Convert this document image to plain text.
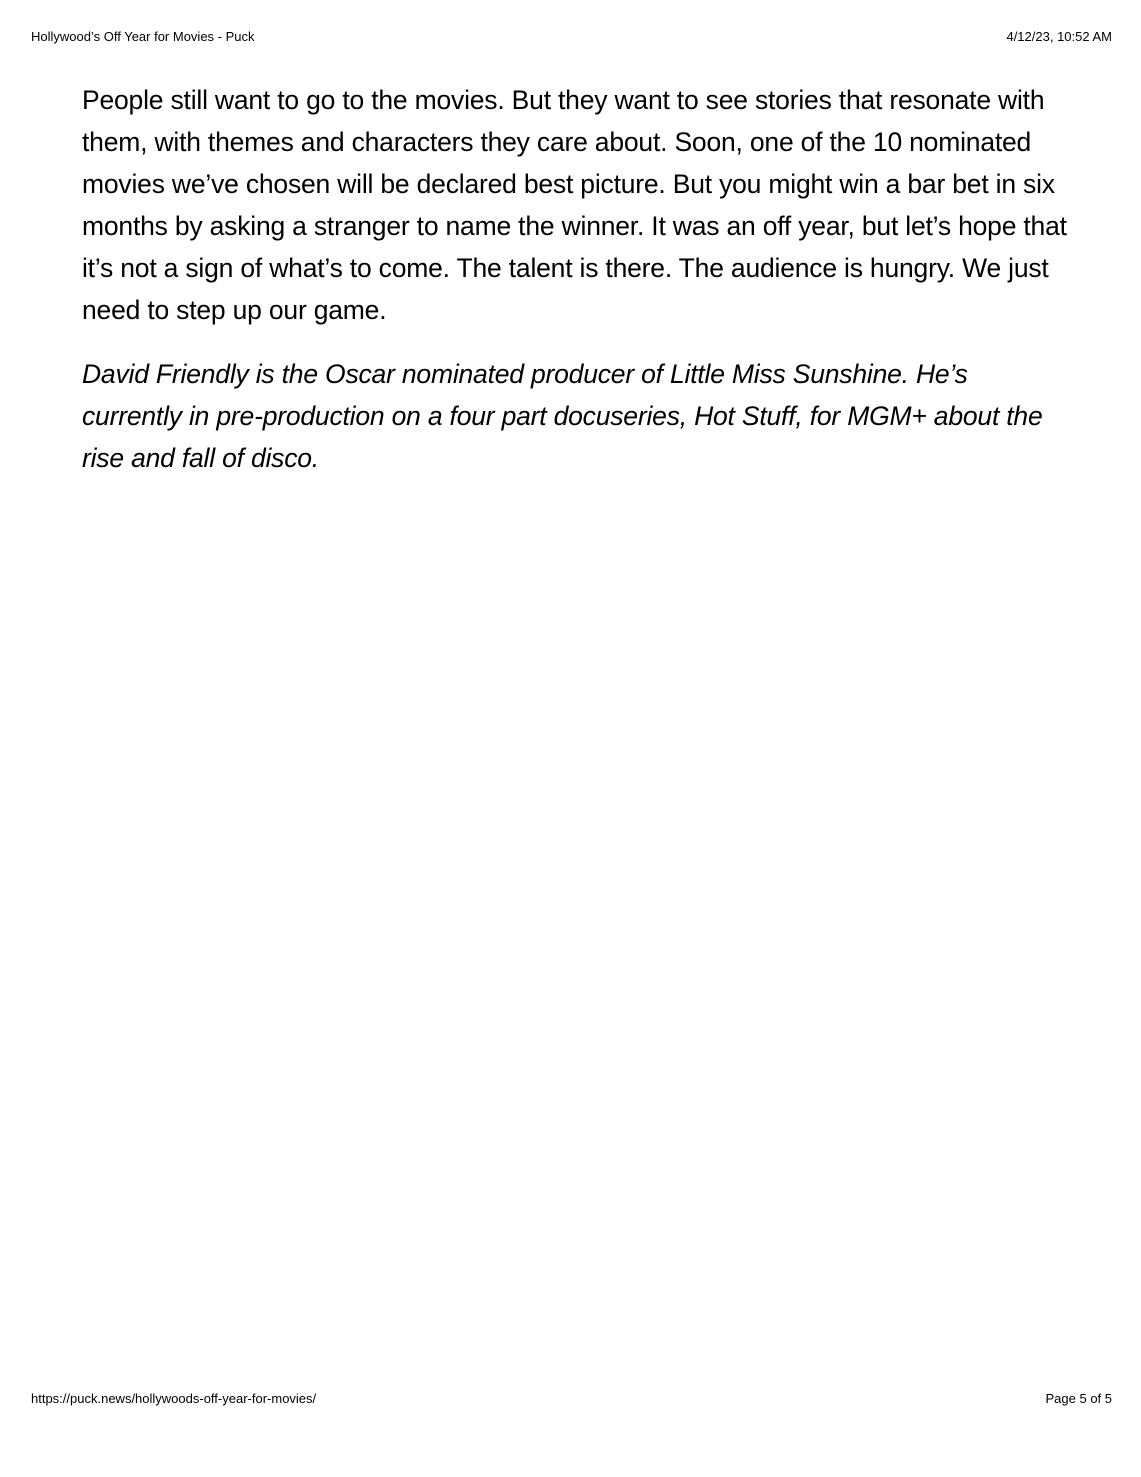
Hollywood’s Off Year for Movies - Puck	4/12/23, 10:52 AM

People still want to go to the movies. But they want to see stories that resonate with them, with themes and characters they care about. Soon, one of the 10 nominated movies we’ve chosen will be declared best picture. But you might win a bar bet in six months by asking a stranger to name the winner. It was an off year, but let’s hope that it’s not a sign of what’s to come. The talent is there. The audience is hungry. We just need to step up our game.

David Friendly is the Oscar nominated producer of Little Miss Sunshine. He’s currently in pre-production on a four part docuseries, Hot Stuff, for MGM+ about the rise and fall of disco.

https://puck.news/hollywoods-off-year-for-movies/	Page 5 of 5
